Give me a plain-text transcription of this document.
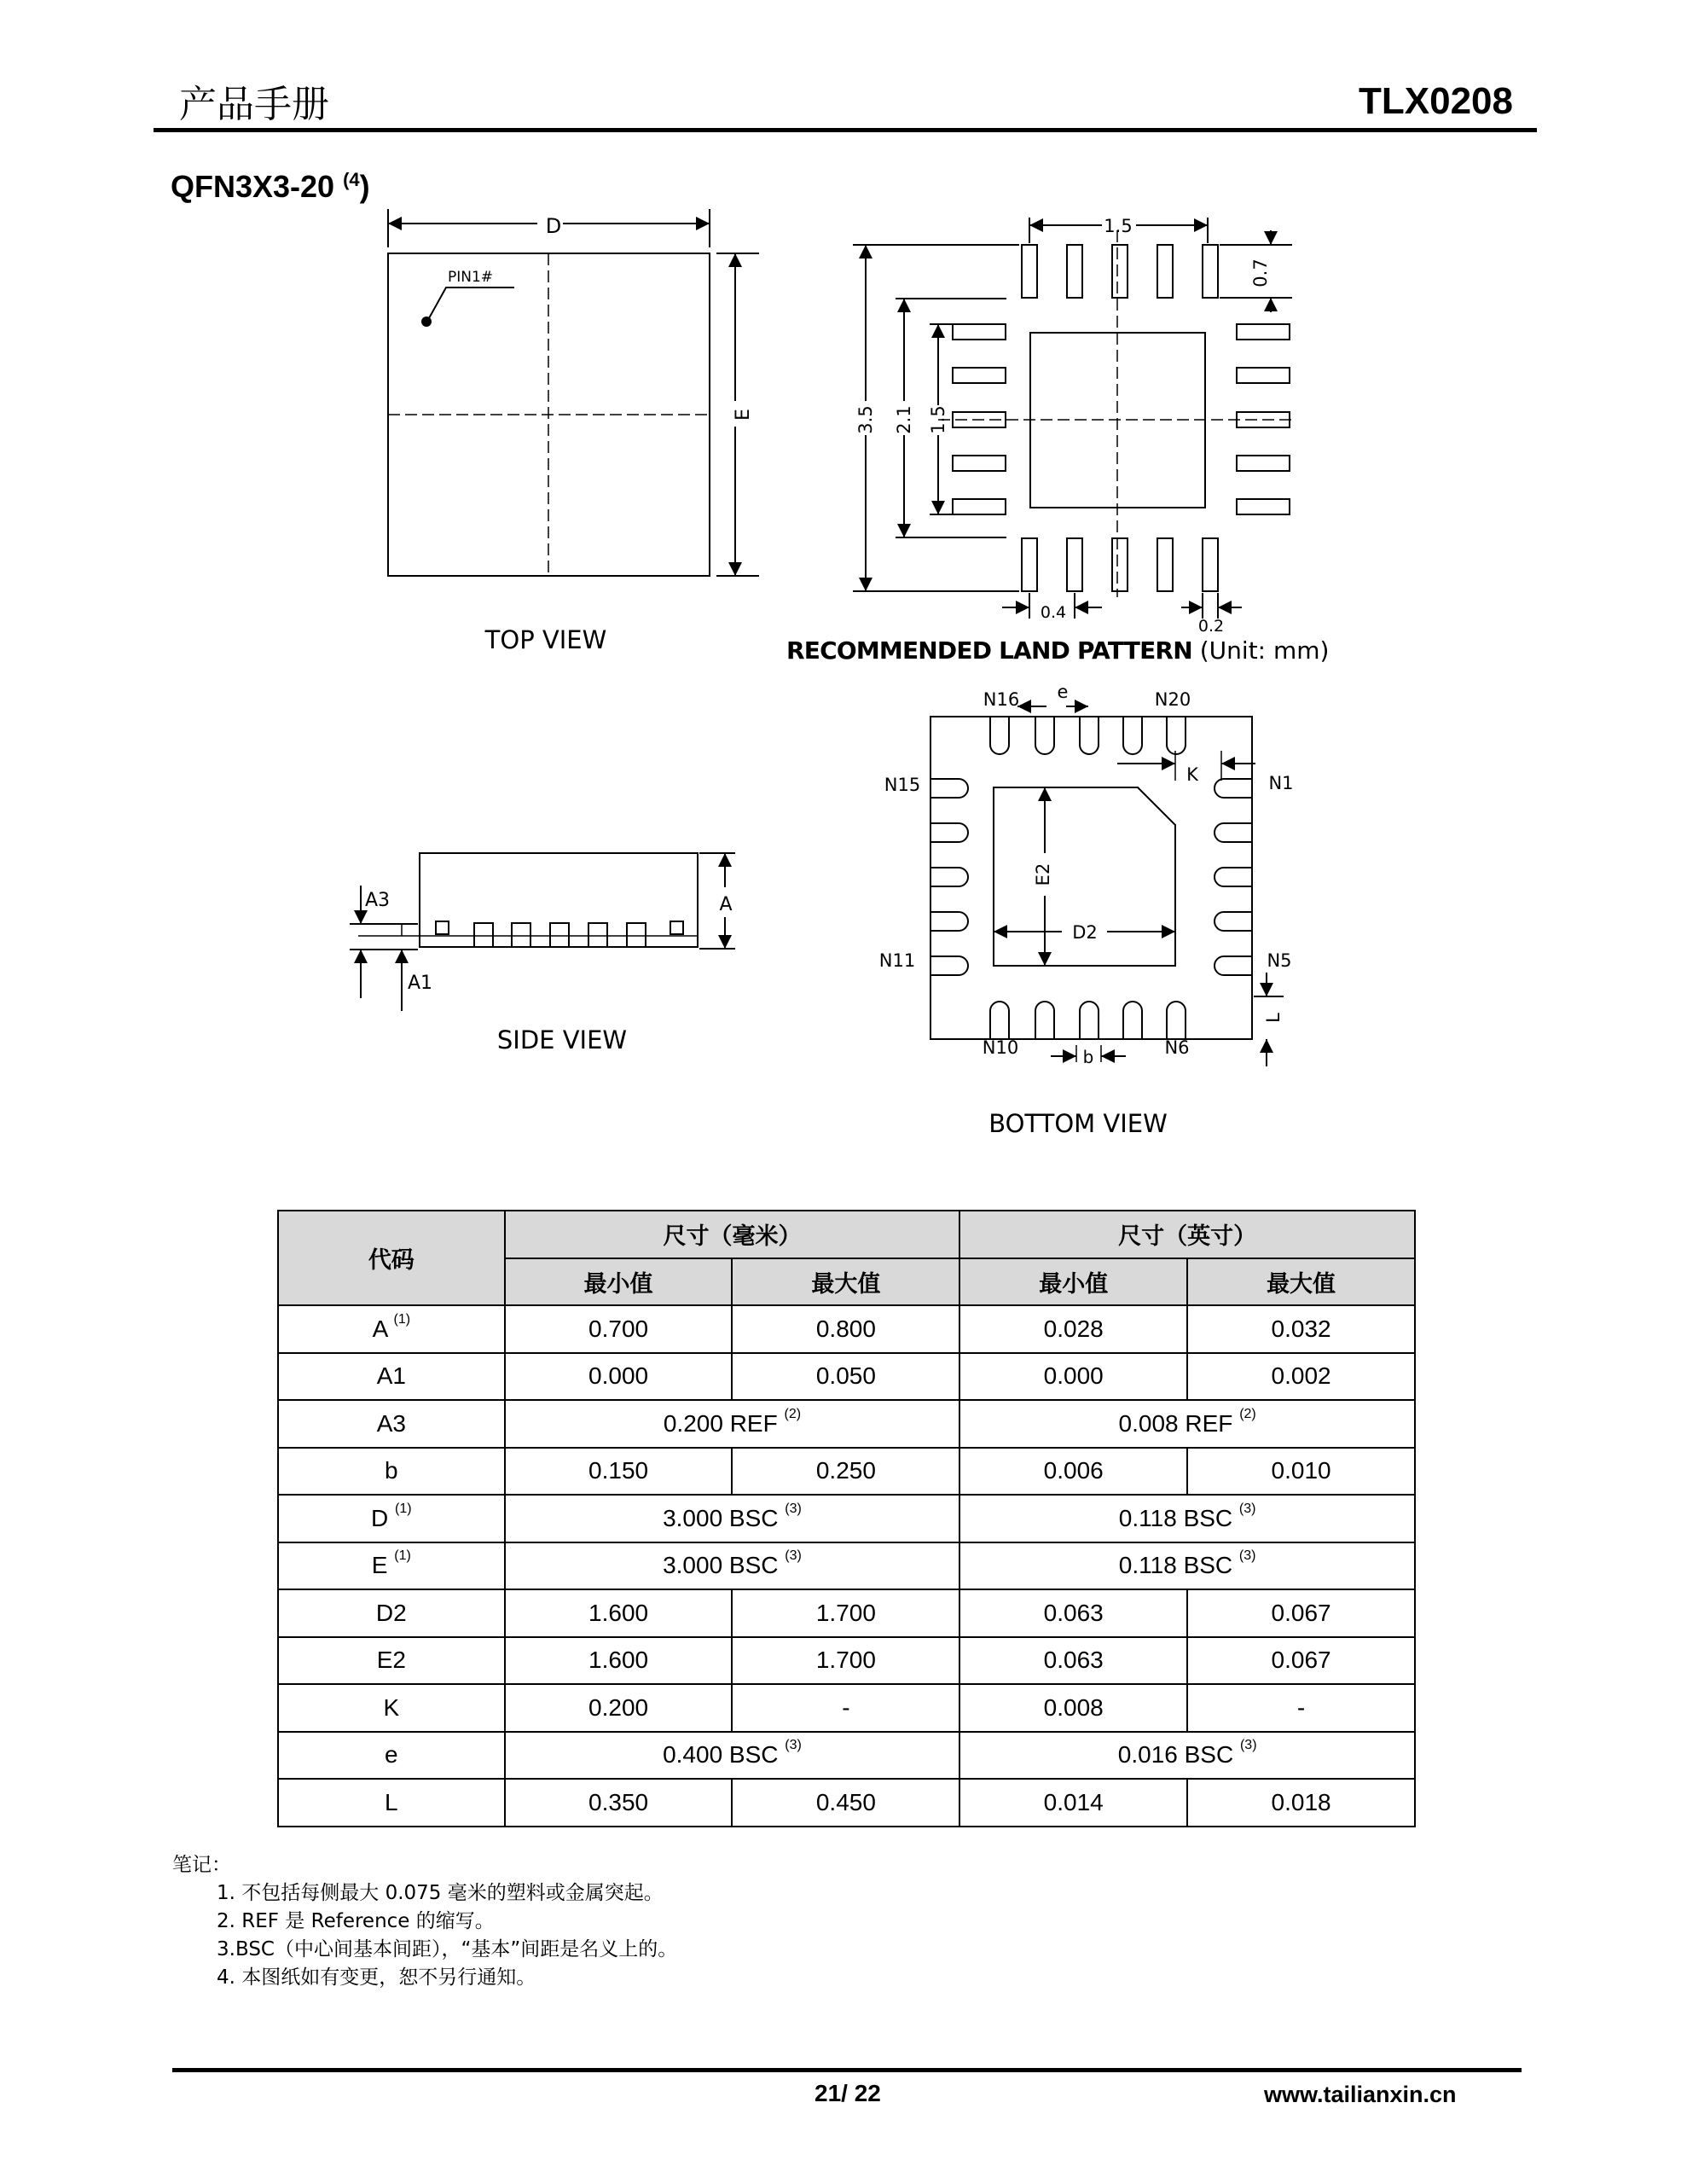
产品手册	TLX0208
QFN3X3-20 $^{(4}$)
D
E
PIN1#
TOP VIEW
1.5
0.7
3.5 2.1 1.5
0.4
0.2
RECOMMENDED LAND PATTERN (Unit: mm)
A
A3
A1
SIDE VIEW
N16	N20
e
K
N15	N1
E2
D2
N11	N5
L
N10	N6
b
BOTTOM VIEW
代码	尺寸（毫米）		尺寸（英寸）	
	最小值	最大值	最小值	最大值
A $^{(1)}$	0.700	0.800	0.028	0.032
A1	0.000	0.050	0.000	0.002
A3	0.200 REF $^{(2)}$		0.008 REF $^{(2)}$
b	0.150	0.250	0.006	0.010
D $^{(1)}$	3.000 BSC $^{(3)}$		0.118 BSC $^{(3)}$
E $^{(1)}$	3.000 BSC $^{(3)}$		0.118 BSC $^{(3)}$
D2	1.600	1.700	0.063	0.067
E2	1.600	1.700	0.063	0.067
K	0.200	-	0.008	-
e	0.400 BSC $^{(3)}$		0.016 BSC $^{(3)}$
L	0.350	0.450	0.014	0.018
笔记：
1. 不包括每侧最大 0.075 毫米的塑料或金属突起。
2. REF 是 Reference 的缩写。
3.BSC（中心间基本间距），“基本”间距是名义上的。
4. 本图纸如有变更，恕不另行通知。
21/ 22	www.tailianxin.cn
